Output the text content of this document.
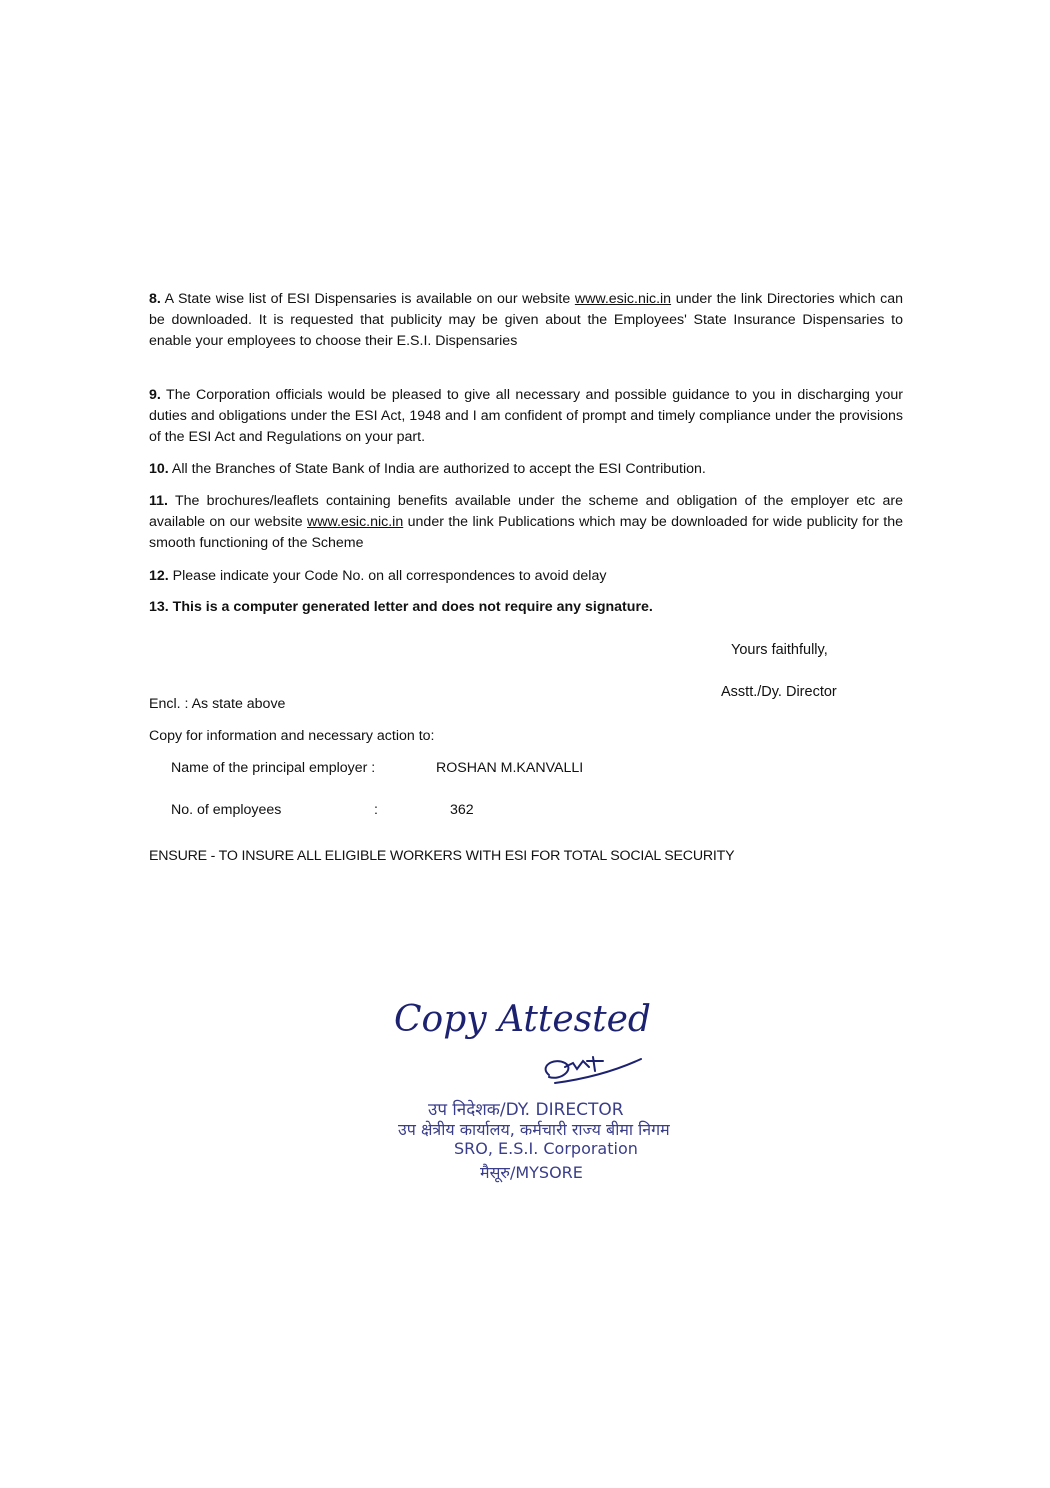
8. A State wise list of ESI Dispensaries is available on our website www.esic.nic.in under the link Directories which can be downloaded. It is requested that publicity may be given about the Employees' State Insurance Dispensaries to enable your employees to choose their E.S.I. Dispensaries
9. The Corporation officials would be pleased to give all necessary and possible guidance to you in discharging your duties and obligations under the ESI Act, 1948 and I am confident of prompt and timely compliance under the provisions of the ESI Act and Regulations on your part.
10. All the Branches of State Bank of India are authorized to accept the ESI Contribution.
11. The brochures/leaflets containing benefits available under the scheme and obligation of the employer etc are available on our website www.esic.nic.in under the link Publications which may be downloaded for wide publicity for the smooth functioning of the Scheme
12. Please indicate your Code No. on all correspondences to avoid delay
13. This is a computer generated letter and does not require any signature.
Yours faithfully,
Asstt./Dy. Director
Encl. : As state above
Copy for information and necessary action to:
Name of the principal employer :	ROSHAN M.KANVALLI
No. of employees	:	362
ENSURE - TO INSURE ALL ELIGIBLE WORKERS WITH ESI FOR TOTAL SOCIAL SECURITY
Copy Attested
उप निदेशक/DY. DIRECTOR
उप क्षेत्रीय कार्यालय, कर्मचारी राज्य बीमा निगम
SRO, E.S.I. Corporation
मैसूरु/MYSORE
